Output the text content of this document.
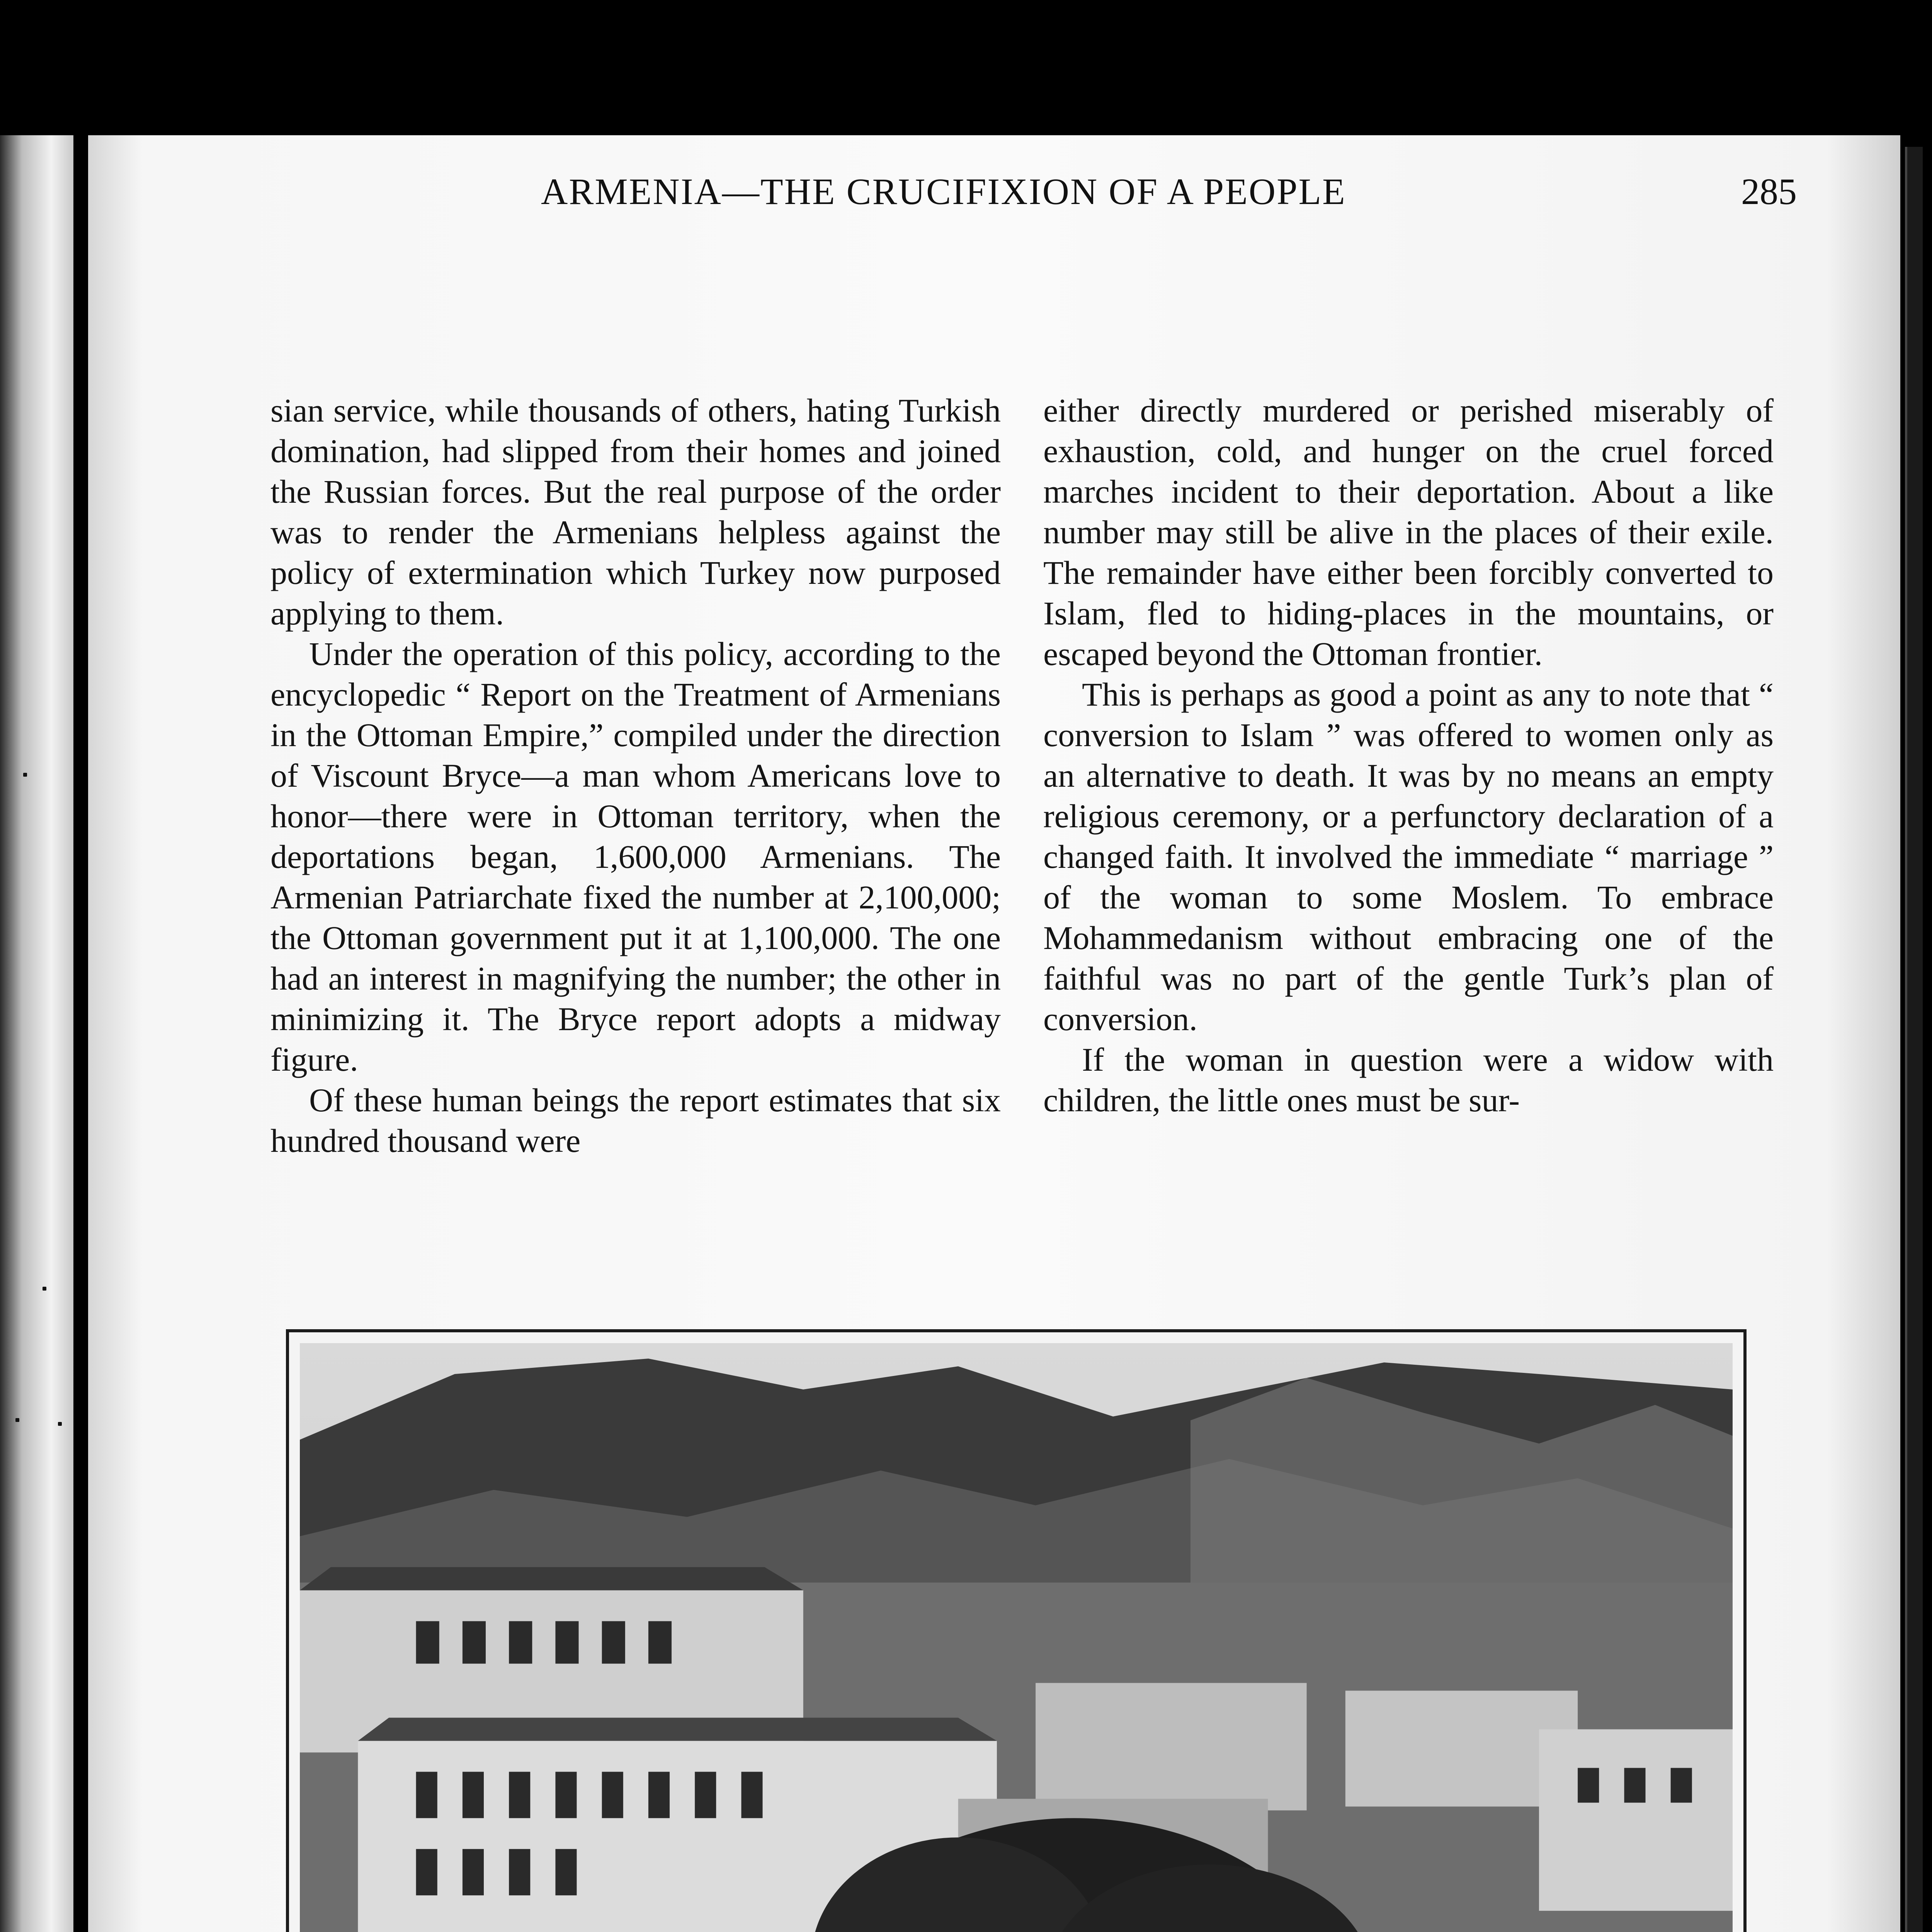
ARMENIA—THE CRUCIFIXION OF A PEOPLE	285

sian service, while thousands of others, hating Turkish domination, had slipped from their homes and joined the Russian forces. But the real purpose of the order was to render the Armenians helpless against the policy of extermination which Turkey now purposed applying to them.

Under the operation of this policy, according to the encyclopedic “ Report on the Treatment of Armenians in the Ottoman Empire,” compiled under the direction of Viscount Bryce—a man whom Americans love to honor—there were in Ottoman territory, when the deportations began, 1,600,000 Armenians. The Armenian Patriarchate fixed the number at 2,100,000; the Ottoman government put it at 1,100,000. The one had an interest in magnifying the number; the other in minimizing it. The Bryce report adopts a midway figure.

Of these human beings the report estimates that six hundred thousand were

either directly murdered or perished miserably of exhaustion, cold, and hunger on the cruel forced marches incident to their deportation. About a like number may still be alive in the places of their exile. The remainder have either been forcibly converted to Islam, fled to hiding-places in the mountains, or escaped beyond the Ottoman frontier.

This is perhaps as good a point as any to note that “ conversion to Islam ” was offered to women only as an alternative to death. It was by no means an empty religious ceremony, or a perfunctory declaration of a changed faith. It involved the immediate “ marriage ” of the woman to some Moslem. To embrace Mohammedanism without embracing one of the faithful was no part of the gentle Turk’s plan of conversion.

If the woman in question were a widow with children, the little ones must be sur-
